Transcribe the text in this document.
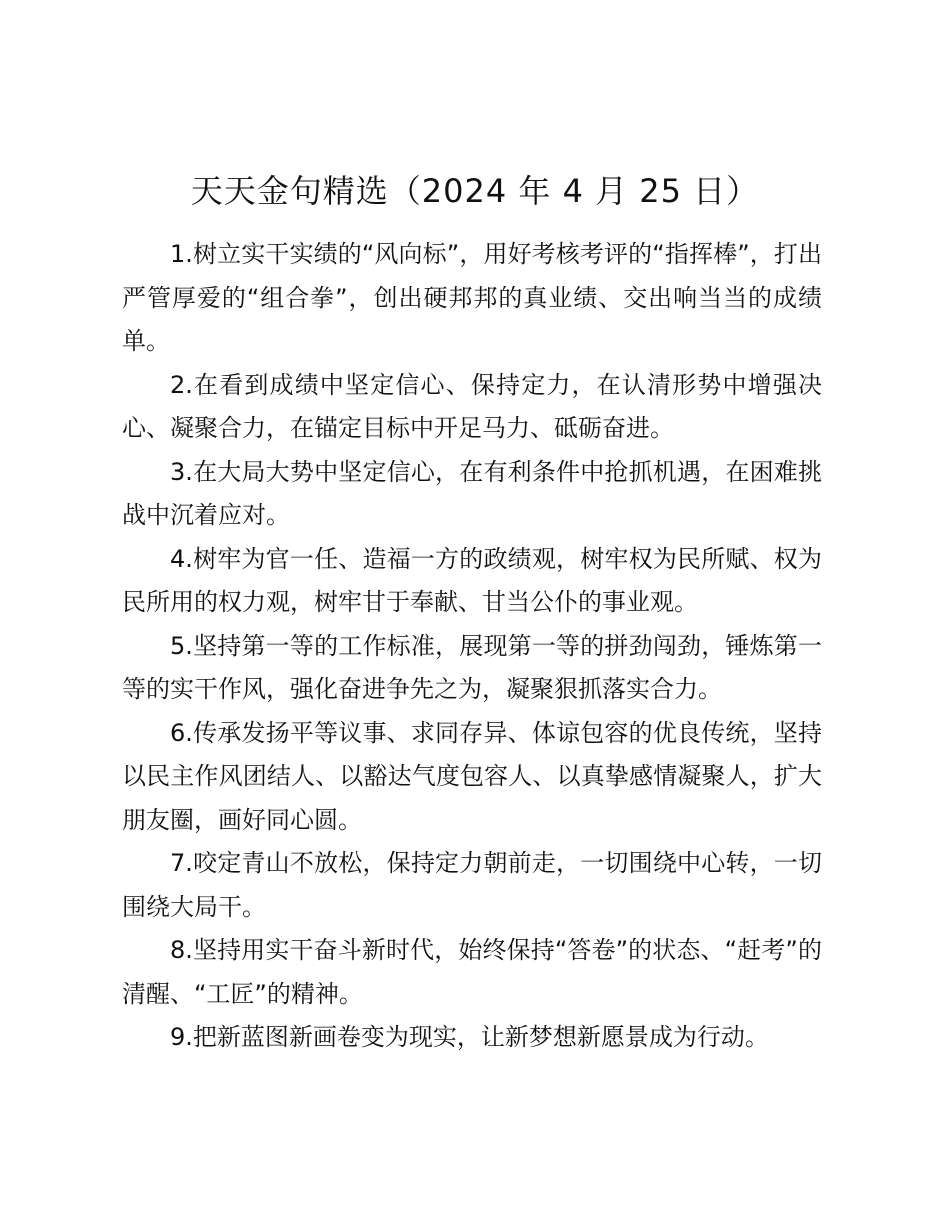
天天金句精选（2024 年 4 月 25 日）

1.树立实干实绩的“风向标”，用好考核考评的“指挥棒”，打出严管厚爱的“组合拳”，创出硬邦邦的真业绩、交出响当当的成绩单。

2.在看到成绩中坚定信心、保持定力，在认清形势中增强决心、凝聚合力，在锚定目标中开足马力、砥砺奋进。

3.在大局大势中坚定信心，在有利条件中抢抓机遇，在困难挑战中沉着应对。

4.树牢为官一任、造福一方的政绩观，树牢权为民所赋、权为民所用的权力观，树牢甘于奉献、甘当公仆的事业观。

5.坚持第一等的工作标准，展现第一等的拼劲闯劲，锤炼第一等的实干作风，强化奋进争先之为，凝聚狠抓落实合力。

6.传承发扬平等议事、求同存异、体谅包容的优良传统，坚持以民主作风团结人、以豁达气度包容人、以真挚感情凝聚人，扩大朋友圈，画好同心圆。

7.咬定青山不放松，保持定力朝前走，一切围绕中心转，一切围绕大局干。

8.坚持用实干奋斗新时代，始终保持“答卷”的状态、“赶考”的清醒、“工匠”的精神。

9.把新蓝图新画卷变为现实，让新梦想新愿景成为行动。
